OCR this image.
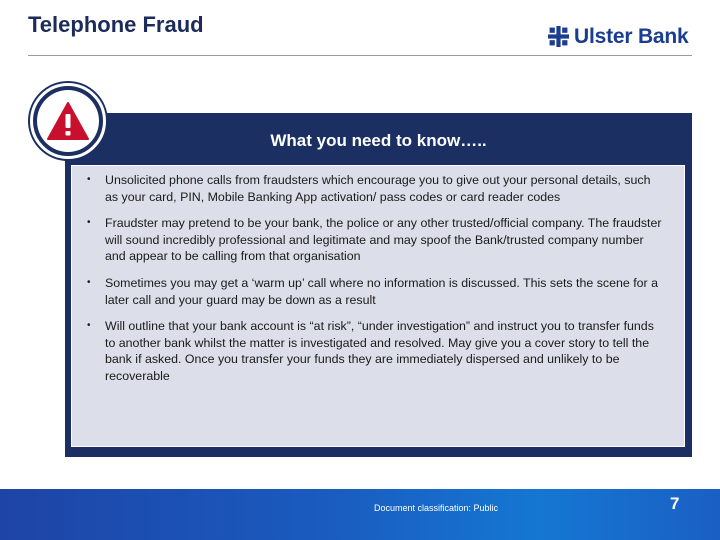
Telephone Fraud	Ulster Bank
What you need to know…..
•	Unsolicited phone calls from fraudsters which encourage you to give out your personal details, such as your card, PIN, Mobile Banking App activation/ pass codes or card reader codes
•	Fraudster may pretend to be your bank, the police or any other trusted/official company. The fraudster will sound incredibly professional and legitimate and may spoof the Bank/trusted company number and appear to be calling from that organisation
•	Sometimes you may get a ‘warm up’ call where no information is discussed. This sets the scene for a later call and your guard may be down as a result
•	Will outline that your bank account is “at risk”, “under investigation” and instruct you to transfer funds to another bank whilst the matter is investigated and resolved. May give you a cover story to tell the bank if asked. Once you transfer your funds they are immediately dispersed and unlikely to be recoverable
Document classification: Public	7
